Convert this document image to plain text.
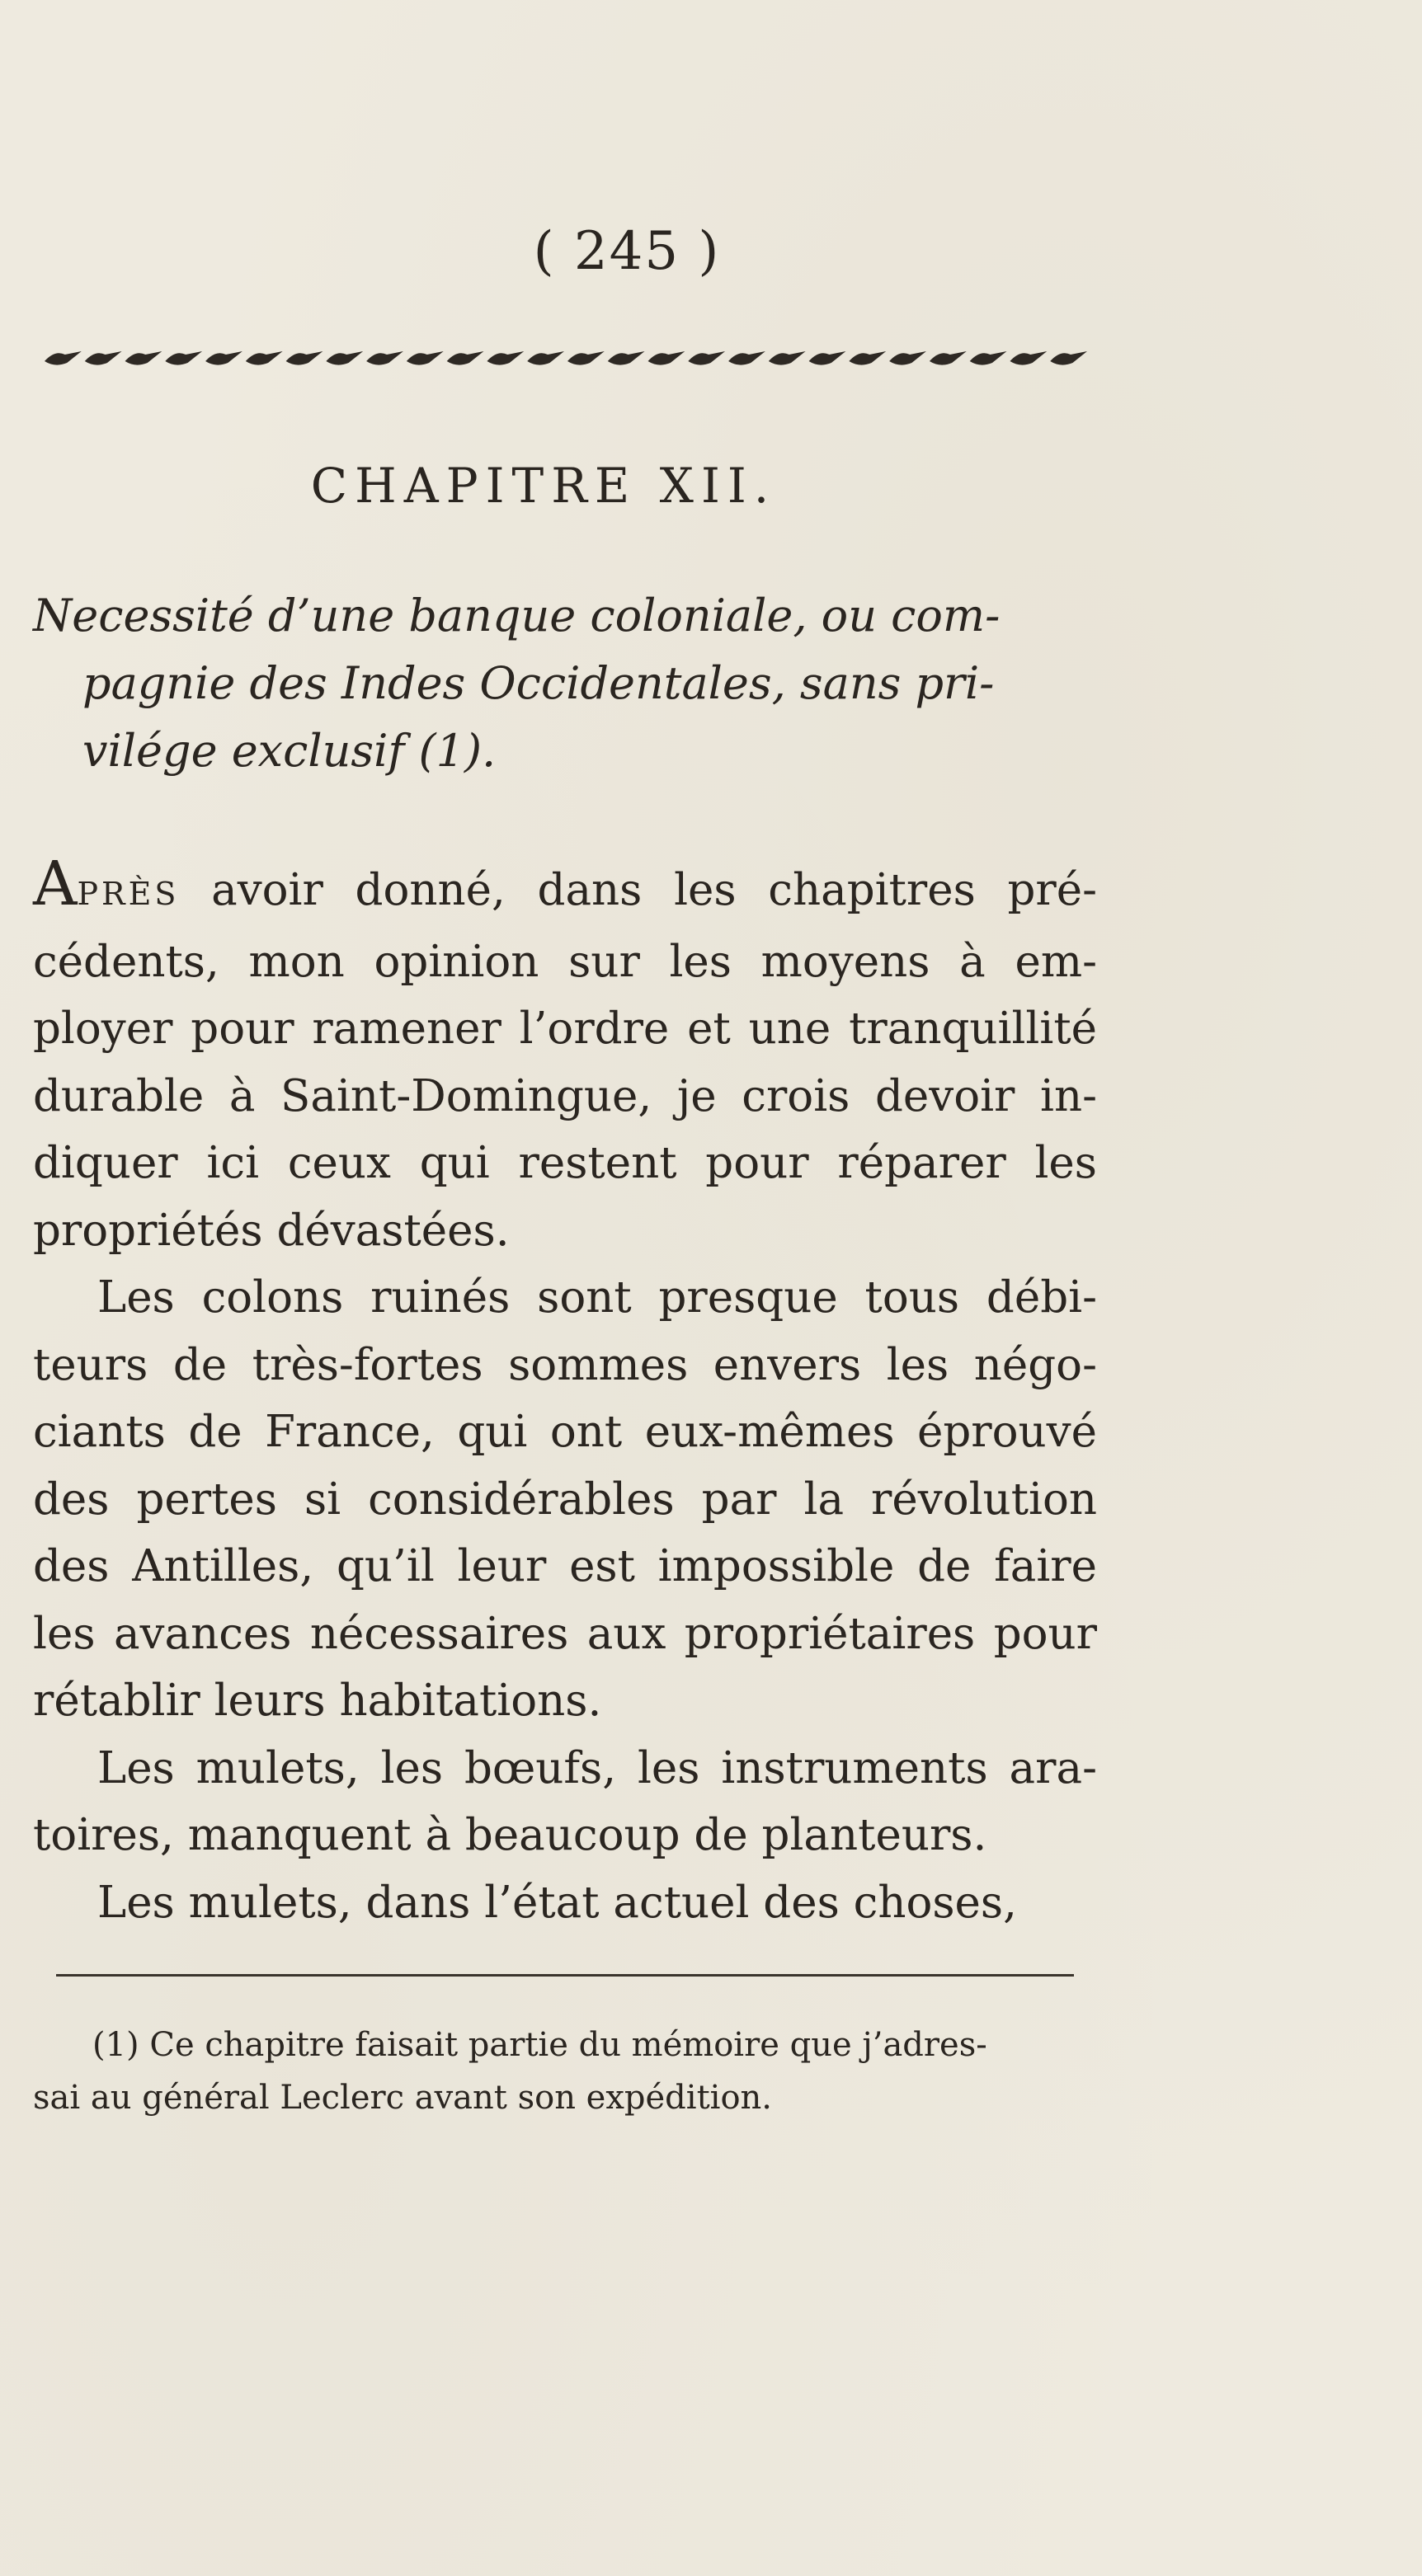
( 245 )
CHAPITRE XII.
Necessité d’une banque coloniale, ou com-
pagnie des Indes Occidentales, sans pri-
vilége exclusif (1).
APRÈS avoir donné, dans les chapitres pré-
cédents, mon opinion sur les moyens à em-
ployer pour ramener l’ordre et une tranquillité
durable à Saint-Domingue, je crois devoir in-
diquer ici ceux qui restent pour réparer les
propriétés dévastées.
Les colons ruinés sont presque tous débi-
teurs de très-fortes sommes envers les négo-
ciants de France, qui ont eux-mêmes éprouvé
des pertes si considérables par la révolution
des Antilles, qu’il leur est impossible de faire
les avances nécessaires aux propriétaires pour
rétablir leurs habitations.
Les mulets, les bœufs, les instruments ara-
toires, manquent à beaucoup de planteurs.
Les mulets, dans l’état actuel des choses,
(1) Ce chapitre faisait partie du mémoire que j’adres-
sai au général Leclerc avant son expédition.
